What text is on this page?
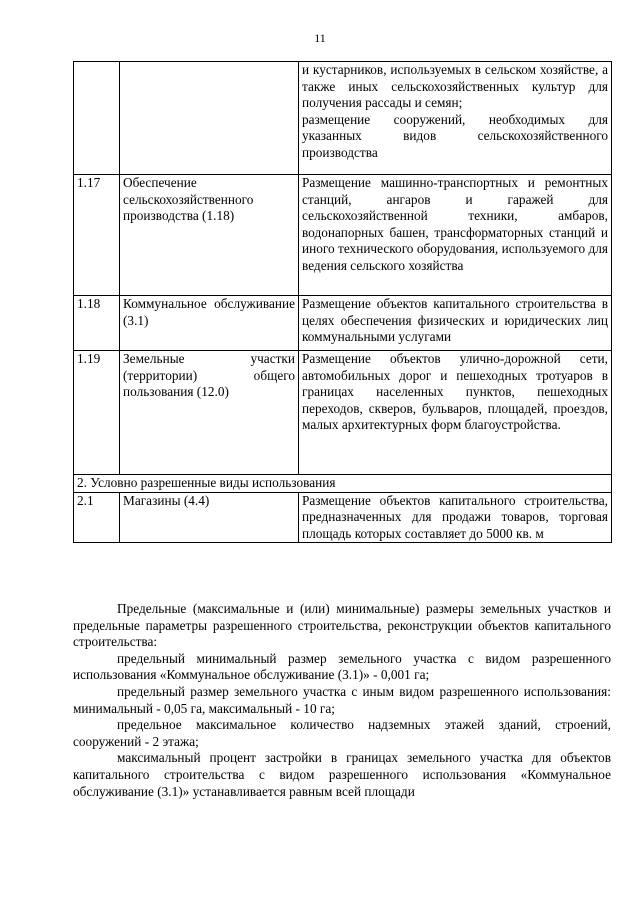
11

		и кустарников, используемых в сельском хозяйстве, а также иных сельскохозяйственных культур для получения рассады и семян;
размещение сооружений, необходимых для указанных видов сельскохозяйственного производства

1.17	Обеспечение сельскохозяйственного производства (1.18)	Размещение машинно-транспортных и ремонтных станций, ангаров и гаражей для сельскохозяйственной техники, амбаров, водонапорных башен, трансформаторных станций и иного технического оборудования, используемого для ведения сельского хозяйства
1.18	Коммунальное обслуживание (3.1)	Размещение объектов капитального строительства в целях обеспечения физических и юридических лиц коммунальными услугами
1.19	Земельные участки (территории) общего пользования (12.0)	Размещение объектов улично-дорожной сети, автомобильных дорог и пешеходных тротуаров в границах населенных пунктов, пешеходных переходов, скверов, бульваров, площадей, проездов, малых архитектурных форм благоустройства.
2. Условно разрешенные виды использования		
2.1	Магазины (4.4)	Размещение объектов капитального строительства, предназначенных для продажи товаров, торговая площадь которых составляет до 5000 кв. м

Предельные (максимальные и (или) минимальные) размеры земельных участков и предельные параметры разрешенного строительства, реконструкции объектов капитального строительства:

предельный минимальный размер земельного участка с видом разрешенного использования «Коммунальное обслуживание (3.1)» - 0,001 га;

предельный размер земельного участка с иным видом разрешенного использования: минимальный - 0,05 га, максимальный - 10 га;

предельное максимальное количество надземных этажей зданий, строений, сооружений - 2 этажа;

максимальный процент застройки в границах земельного участка для объектов капитального строительства с видом разрешенного использования «Коммунальное обслуживание (3.1)» устанавливается равным всей площади
